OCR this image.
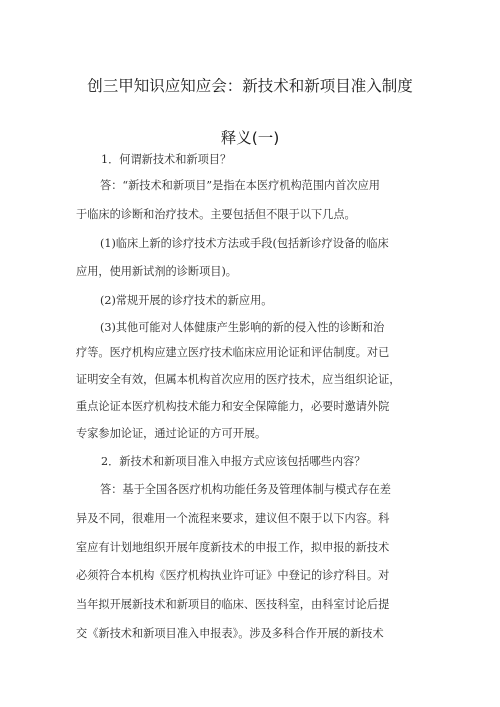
创三甲知识应知应会：新技术和新项目准入制度
释义(一)
1．何谓新技术和新项目？
答：“新技术和新项目”是指在本医疗机构范围内首次应用
于临床的诊断和治疗技术。主要包括但不限于以下几点。
(1)临床上新的诊疗技术方法或手段(包括新诊疗设备的临床
应用，使用新试剂的诊断项目)。
(2)常规开展的诊疗技术的新应用。
(3)其他可能对人体健康产生影响的新的侵入性的诊断和治
疗等。医疗机构应建立医疗技术临床应用论证和评估制度。对已
证明安全有效，但属本机构首次应用的医疗技术，应当组织论证，
重点论证本医疗机构技术能力和安全保障能力，必要时邀请外院
专家参加论证，通过论证的方可开展。
2．新技术和新项目准入申报方式应该包括哪些内容？
答：基于全国各医疗机构功能任务及管理体制与模式存在差
异及不同，很难用一个流程来要求，建议但不限于以下内容。科
室应有计划地组织开展年度新技术的申报工作，拟申报的新技术
必须符合本机构《医疗机构执业许可证》中登记的诊疗科目。对
当年拟开展新技术和新项目的临床、医技科室，由科室讨论后提
交《新技术和新项目准入申报表》。涉及多科合作开展的新技术
